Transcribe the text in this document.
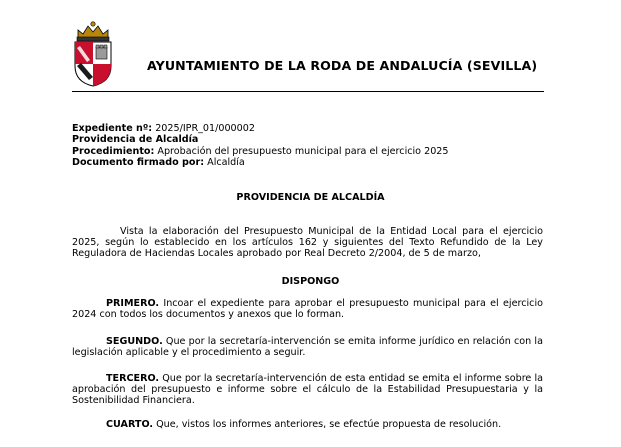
AYUNTAMIENTO DE LA RODA DE ANDALUCÍA (SEVILLA)
Expediente nº: 2025/IPR_01/000002
Providencia de Alcaldía
Procedimiento: Aprobación del presupuesto municipal para el ejercicio 2025
Documento firmado por: Alcaldía
PROVIDENCIA DE ALCALDÍA
Vista la elaboración del Presupuesto Municipal de la Entidad Local para el ejercicio 2025, según lo establecido en los artículos 162 y siguientes del Texto Refundido de la Ley Reguladora de Haciendas Locales aprobado por Real Decreto 2/2004, de 5 de marzo,
DISPONGO
PRIMERO. Incoar el expediente para aprobar el presupuesto municipal para el ejercicio 2024 con todos los documentos y anexos que lo forman.
SEGUNDO. Que por la secretaría-intervención se emita informe jurídico en relación con la legislación aplicable y el procedimiento a seguir.
TERCERO. Que por la secretaría-intervención de esta entidad se emita el informe sobre la aprobación del presupuesto e informe sobre el cálculo de la Estabilidad Presupuestaria y la Sostenibilidad Financiera.
CUARTO. Que, vistos los informes anteriores, se efectúe propuesta de resolución.
